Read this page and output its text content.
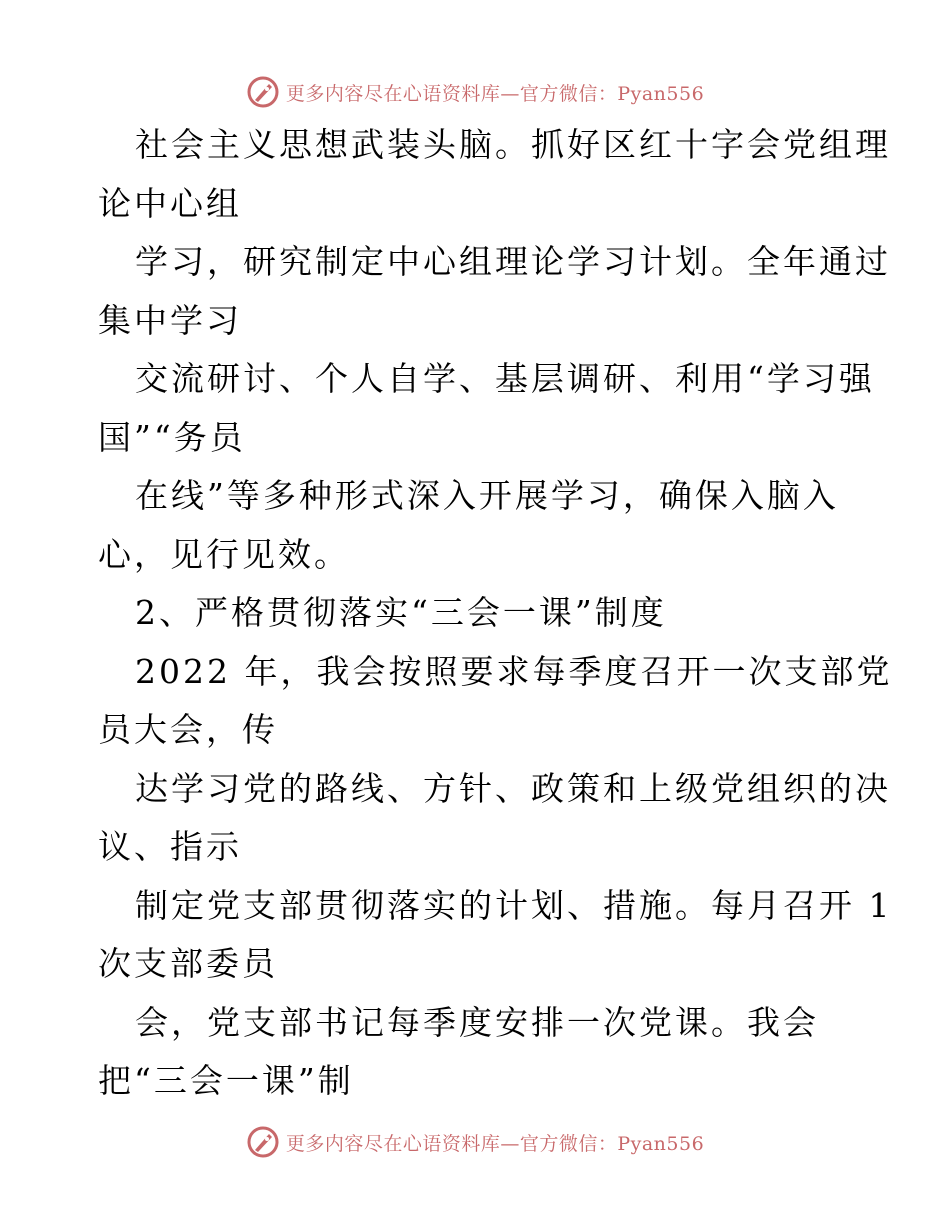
更多内容尽在心语资料库—官方微信：Pyan556
社会主义思想武装头脑。抓好区红十字会党组理
论中心组
学习，研究制定中心组理论学习计划。全年通过
集中学习
交流研讨、个人自学、基层调研、利用“学习强
国”“务员
在线”等多种形式深入开展学习，确保入脑入
心，见行见效。
2、严格贯彻落实“三会一课”制度
2022 年，我会按照要求每季度召开一次支部党
员大会，传
达学习党的路线、方针、政策和上级党组织的决
议、指示
制定党支部贯彻落实的计划、措施。每月召开 1
次支部委员
会，党支部书记每季度安排一次党课。我会
把“三会一课”制
更多内容尽在心语资料库—官方微信：Pyan556
